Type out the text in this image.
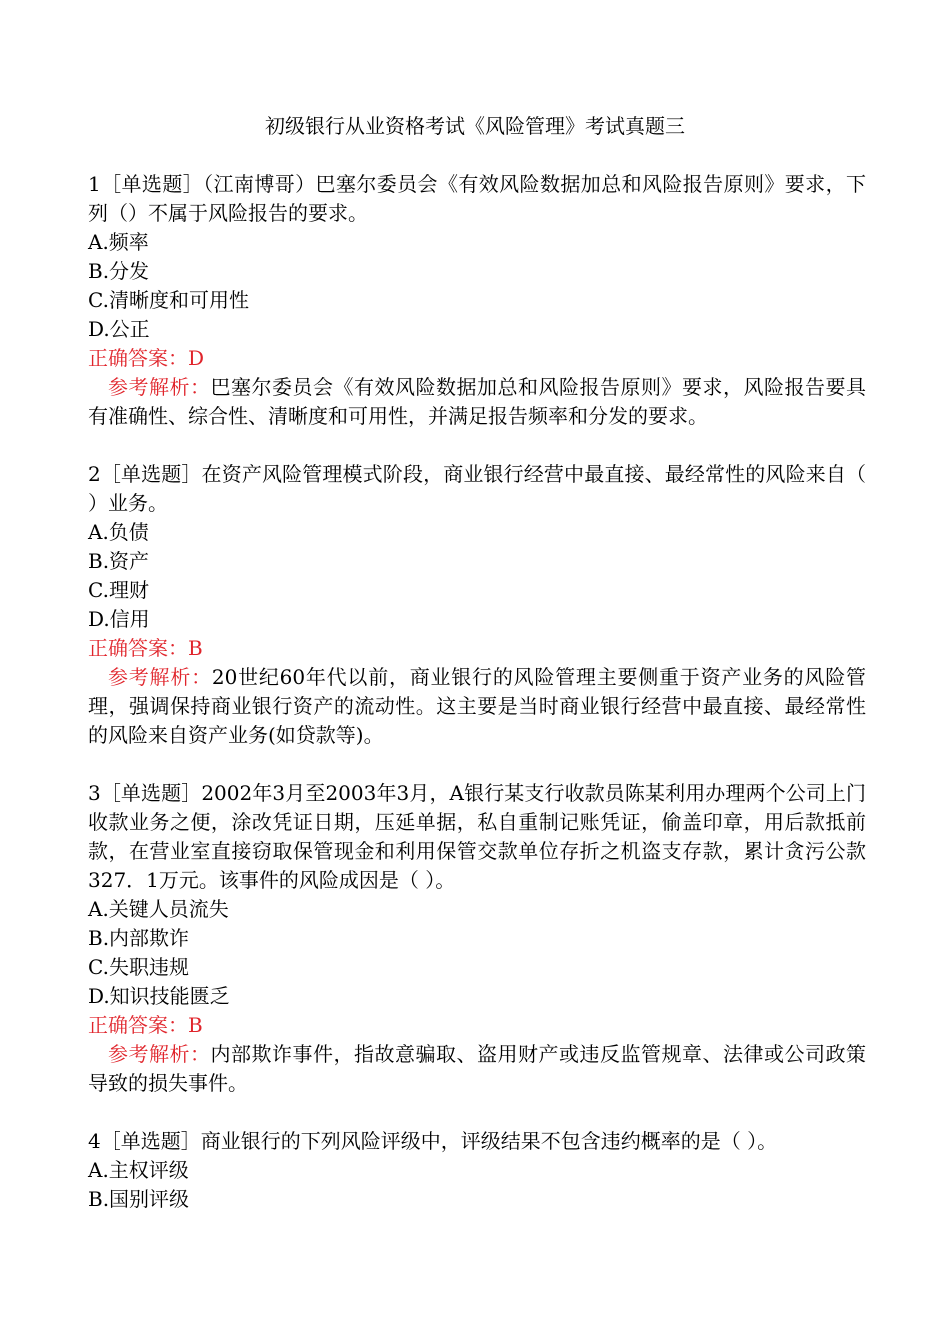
初级银行从业资格考试《风险管理》考试真题三

1［单选题］（江南博哥）巴塞尔委员会《有效风险数据加总和风险报告原则》要求，下列（）不属于风险报告的要求。

A.频率

B.分发

C.清晰度和可用性

D.公正

正确答案：D

参考解析：巴塞尔委员会《有效风险数据加总和风险报告原则》要求，风险报告要具有准确性、综合性、清晰度和可用性，并满足报告频率和分发的要求。

2［单选题］在资产风险管理模式阶段，商业银行经营中最直接、最经常性的风险来自（ ）业务。

A.负债

B.资产

C.理财

D.信用

正确答案：B

参考解析：20世纪60年代以前，商业银行的风险管理主要侧重于资产业务的风险管理，强调保持商业银行资产的流动性。这主要是当时商业银行经营中最直接、最经常性的风险来自资产业务(如贷款等)。

3［单选题］2002年3月至2003年3月，A银行某支行收款员陈某利用办理两个公司上门收款业务之便，涂改凭证日期，压延单据，私自重制记账凭证，偷盖印章，用后款抵前款，在营业室直接窃取保管现金和利用保管交款单位存折之机盗支存款，累计贪污公款327．1万元。该事件的风险成因是（ ）。

A.关键人员流失

B.内部欺诈

C.失职违规

D.知识技能匮乏

正确答案：B

参考解析：内部欺诈事件，指故意骗取、盗用财产或违反监管规章、法律或公司政策导致的损失事件。

4［单选题］商业银行的下列风险评级中，评级结果不包含违约概率的是（ ）。

A.主权评级

B.国别评级
